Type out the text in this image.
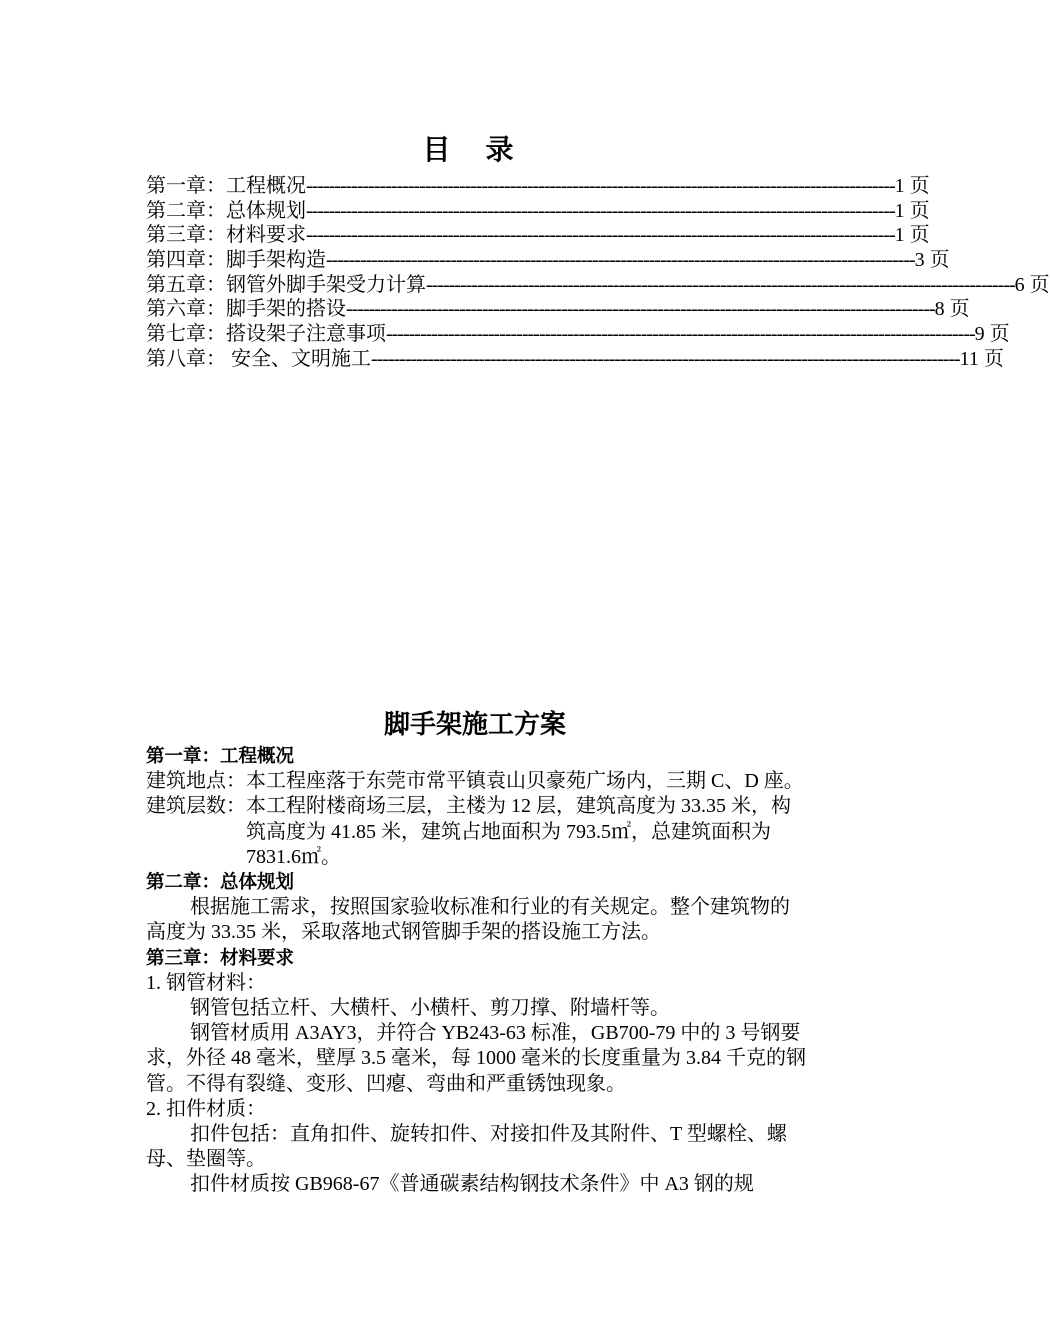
目 录
第一章：工程概况 -------------------------------------------------------------------------------------------------------- 1 页
第二章：总体规划 -------------------------------------------------------------------------------------------------------- 1 页
第三章：材料要求 -------------------------------------------------------------------------------------------------------- 1 页
第四章：脚手架构造 -------------------------------------------------------------------------------------------------------- 3 页
第五章：钢管外脚手架受力计算 -------------------------------------------------------------------------------------------------------- 6 页
第六章：脚手架的搭设 -------------------------------------------------------------------------------------------------------- 8 页
第七章：搭设架子注意事项 -------------------------------------------------------------------------------------------------------- 9 页
第八章： 安全、文明施工 -------------------------------------------------------------------------------------------------------- 11 页
脚手架施工方案

第一章：工程概况

建筑地点： 本工程座落于东莞市常平镇袁山贝豪苑广场内，三期 C、D 座。
建筑层数： 本工程附楼商场三层，主楼为 12 层，建筑高度为 33.35 米，构筑高度为 41.85 米，建筑占地面积为 793.5㎡，总建筑面积为 7831.6㎡。

第二章：总体规划

根据施工需求，按照国家验收标准和行业的有关规定。整个建筑物的高度为 33.35 米，采取落地式钢管脚手架的搭设施工方法。

第三章：材料要求

1. 钢管材料：

钢管包括立杆、大横杆、小横杆、剪刀撑、附墙杆等。

钢管材质用 A3AY3，并符合 YB243-63 标准，GB700-79 中的 3 号钢要求，外径 48 毫米，壁厚 3.5 毫米，每 1000 毫米的长度重量为 3.84 千克的钢管。不得有裂缝、变形、凹瘪、弯曲和严重锈蚀现象。

2. 扣件材质：

扣件包括：直角扣件、旋转扣件、对接扣件及其附件、T 型螺栓、螺母、垫圈等。

扣件材质按 GB968-67《普通碳素结构钢技术条件》中 A3 钢的规
